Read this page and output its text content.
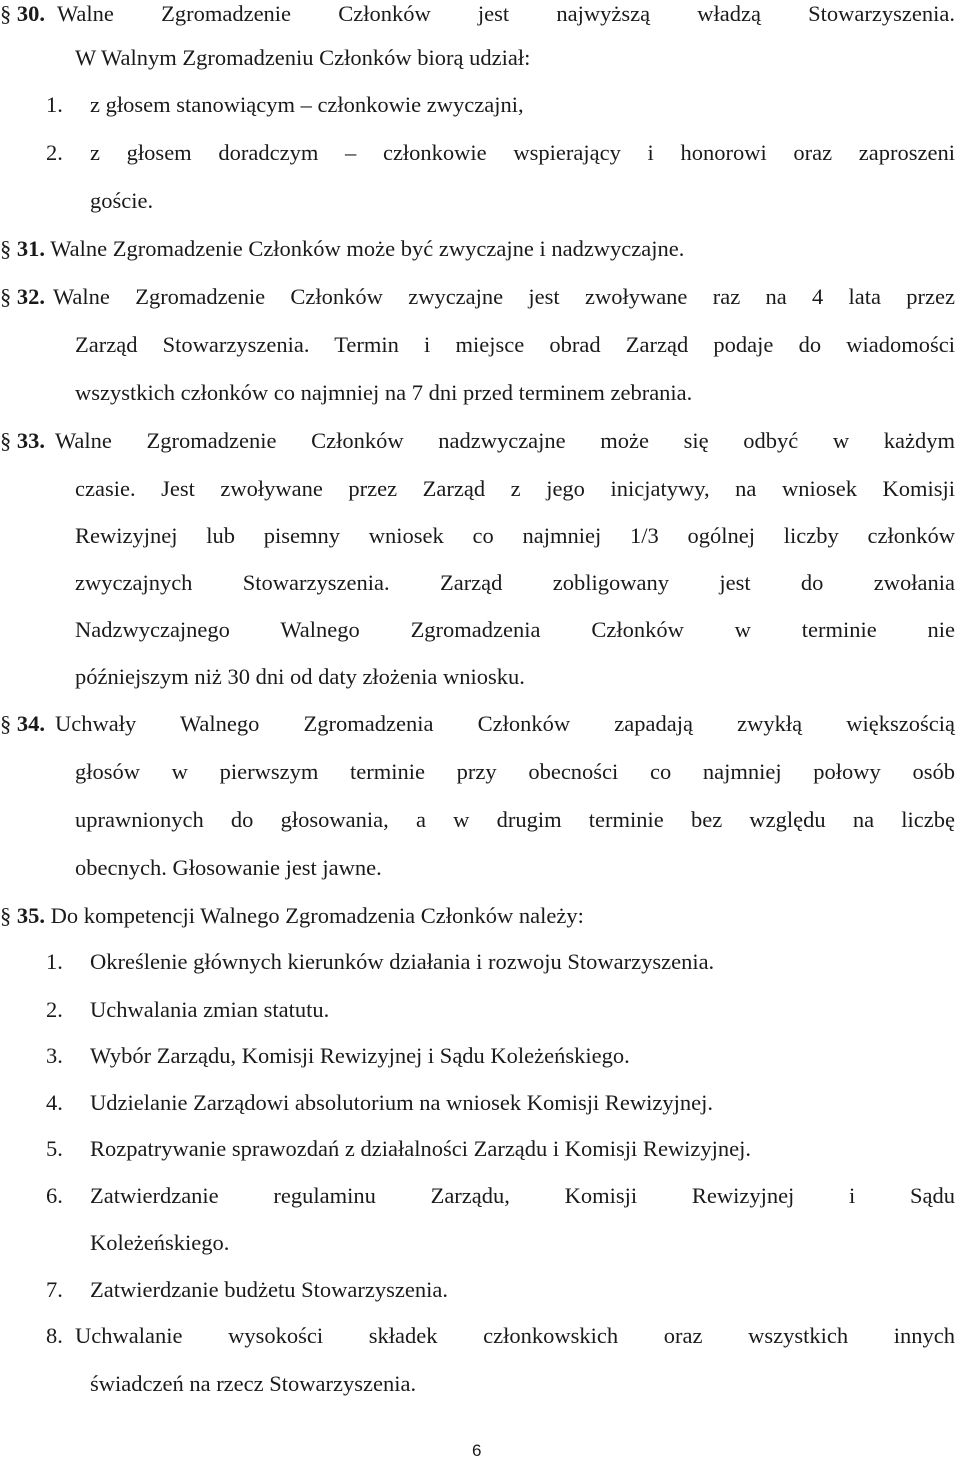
§ 30. Walne Zgromadzenie Członków jest najwyższą władzą Stowarzyszenia.
W Walnym Zgromadzeniu Członków biorą udział:
1. z głosem stanowiącym – członkowie zwyczajni,
2. z głosem doradczym – członkowie wspierający i honorowi oraz zaproszeni
goście.
§ 31. Walne Zgromadzenie Członków może być zwyczajne i nadzwyczajne.
§ 32. Walne Zgromadzenie Członków zwyczajne jest zwoływane raz na 4 lata przez
Zarząd Stowarzyszenia. Termin i miejsce obrad Zarząd podaje do wiadomości
wszystkich członków co najmniej na 7 dni przed terminem zebrania.
§ 33. Walne Zgromadzenie Członków nadzwyczajne może się odbyć w każdym
czasie. Jest zwoływane przez Zarząd z jego inicjatywy, na wniosek Komisji
Rewizyjnej lub pisemny wniosek co najmniej 1/3 ogólnej liczby członków
zwyczajnych Stowarzyszenia. Zarząd zobligowany jest do zwołania
Nadzwyczajnego Walnego Zgromadzenia Członków w terminie nie
późniejszym niż 30 dni od daty złożenia wniosku.
§ 34. Uchwały Walnego Zgromadzenia Członków zapadają zwykłą większością
głosów w pierwszym terminie przy obecności co najmniej połowy osób
uprawnionych do głosowania, a w drugim terminie bez względu na liczbę
obecnych. Głosowanie jest jawne.
§ 35. Do kompetencji Walnego Zgromadzenia Członków należy:
1. Określenie głównych kierunków działania i rozwoju Stowarzyszenia.
2. Uchwalania zmian statutu.
3. Wybór Zarządu, Komisji Rewizyjnej i Sądu Koleżeńskiego.
4. Udzielanie Zarządowi absolutorium na wniosek Komisji Rewizyjnej.
5. Rozpatrywanie sprawozdań z działalności Zarządu i Komisji Rewizyjnej.
6. Zatwierdzanie regulaminu Zarządu, Komisji Rewizyjnej i Sądu
Koleżeńskiego.
7. Zatwierdzanie budżetu Stowarzyszenia.
8. Uchwalanie wysokości składek członkowskich oraz wszystkich innych
świadczeń na rzecz Stowarzyszenia.
6
